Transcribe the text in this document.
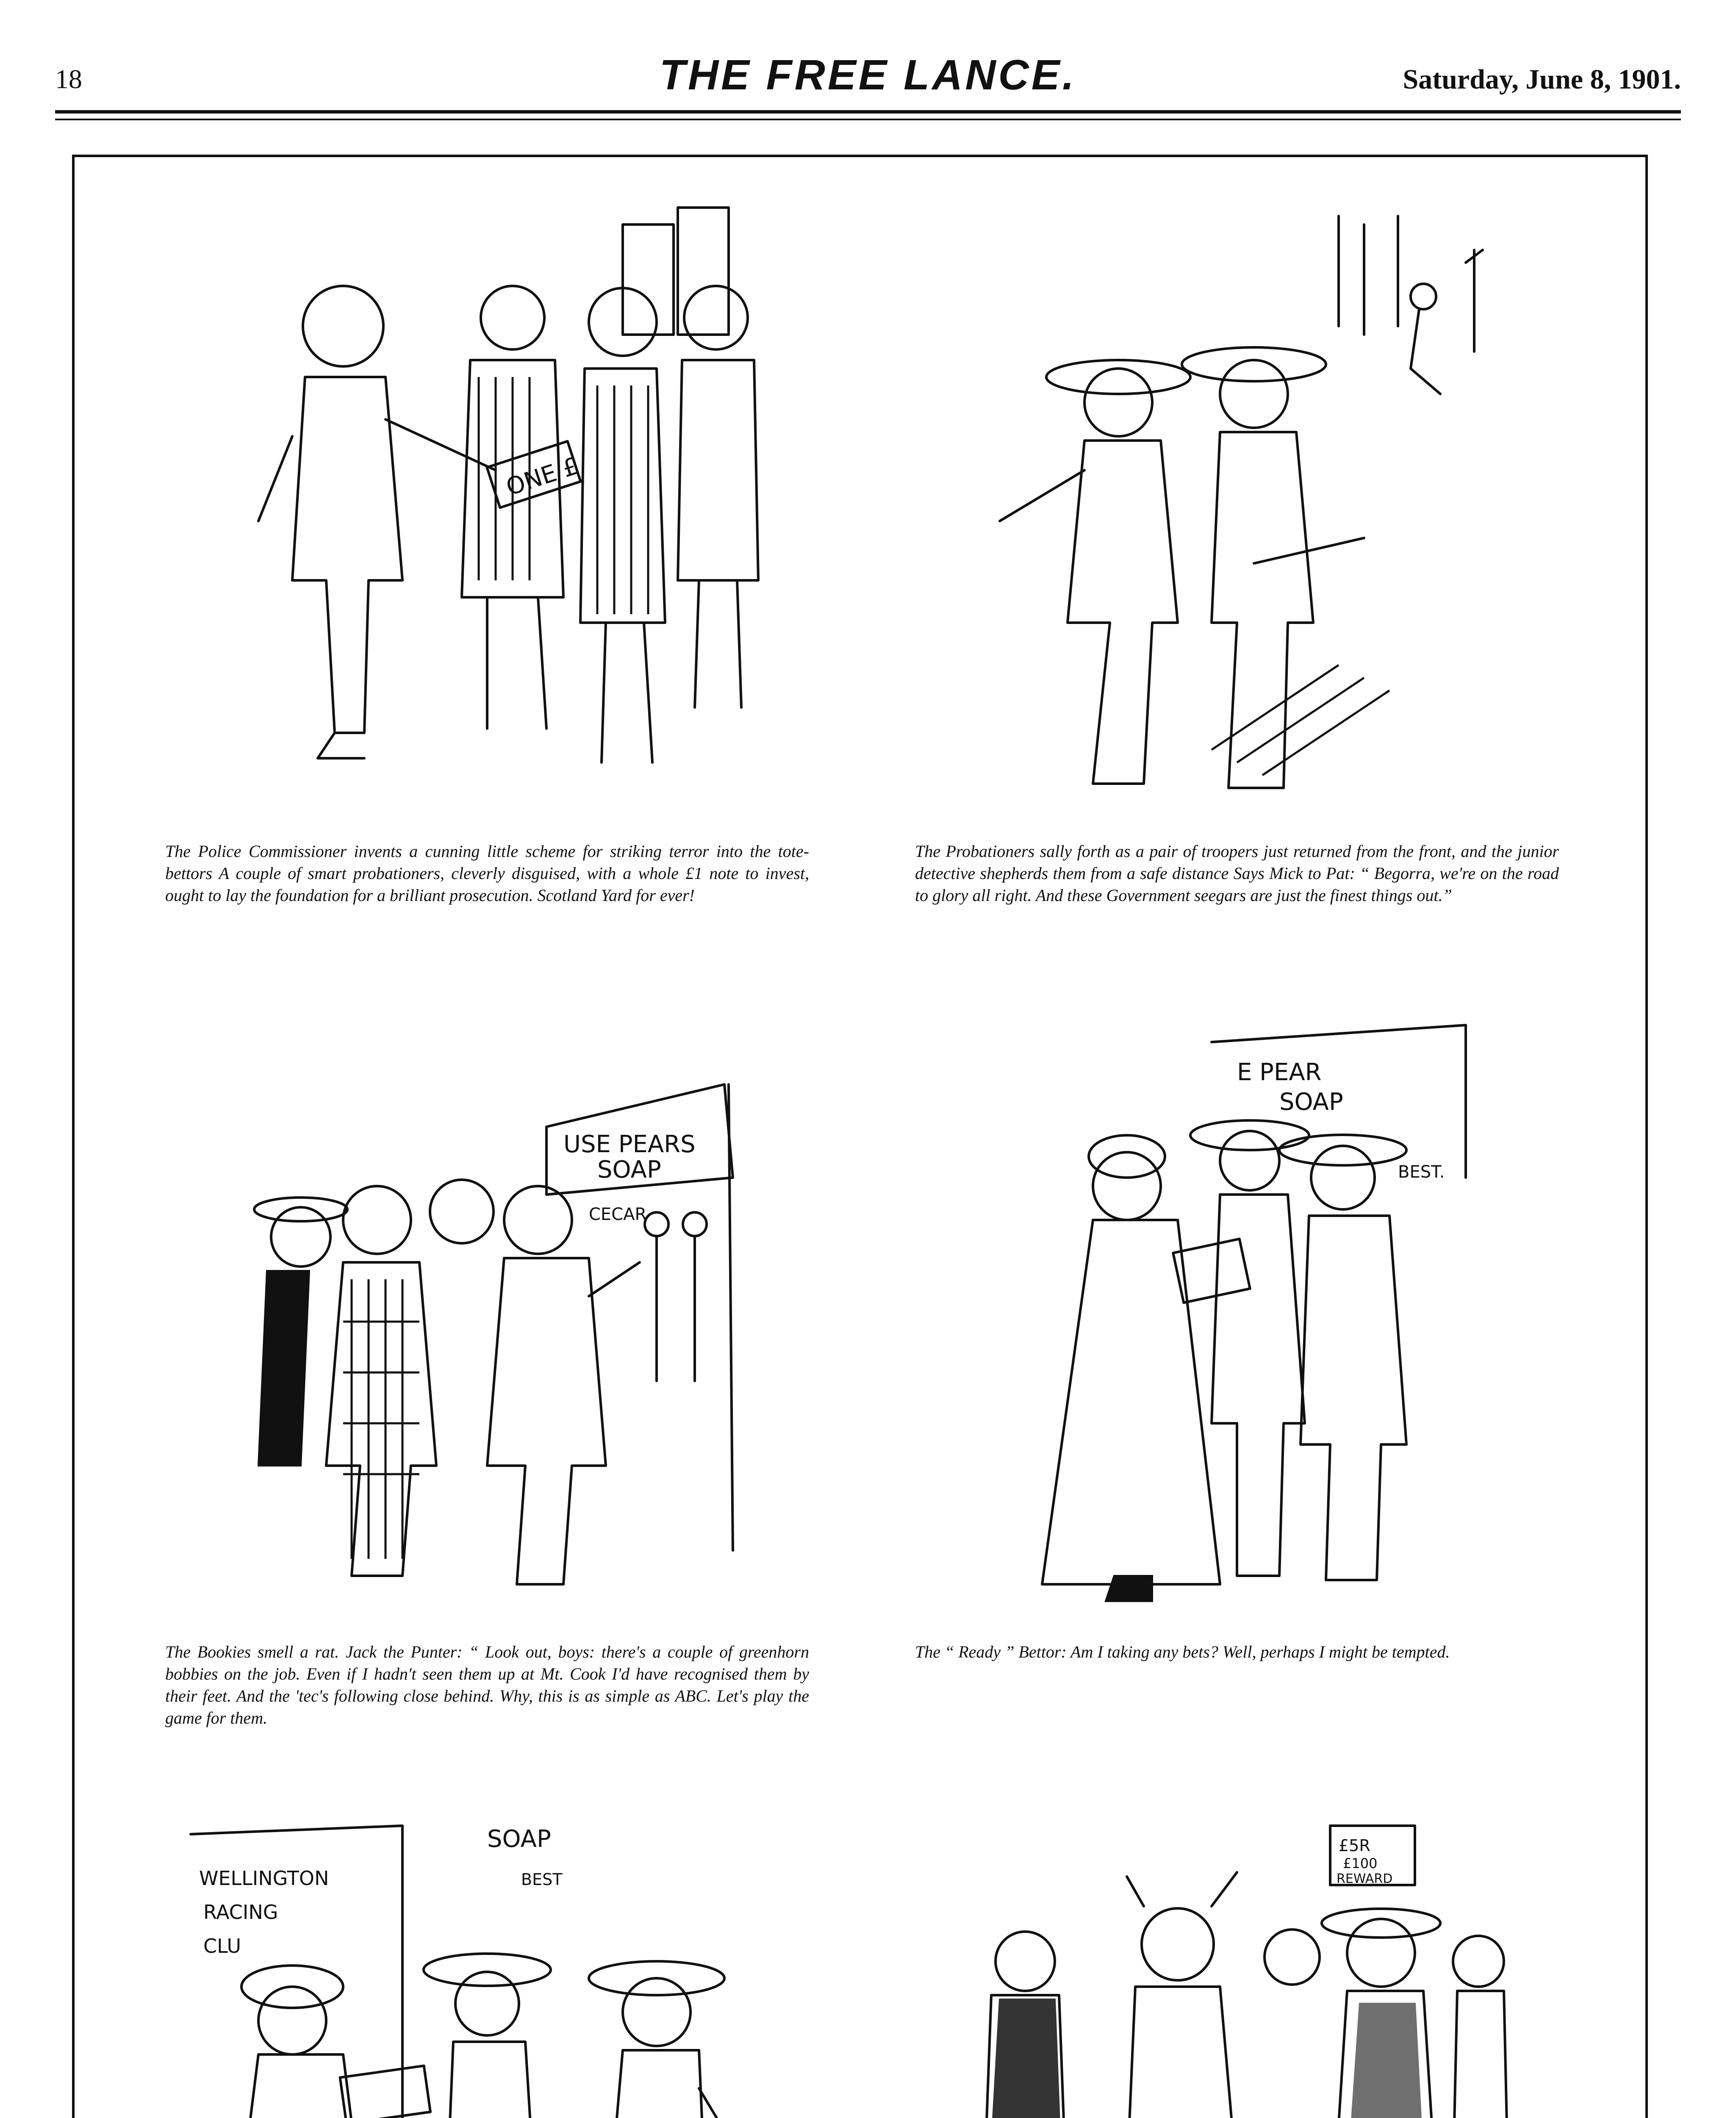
18	THE FREE LANCE.	Saturday, June 8, 1901.
ONE £
The Police Commissioner invents a cunning little scheme for striking terror into the tote-bettors A couple of smart probationers, cleverly disguised, with a whole £1 note to invest, ought to lay the foundation for a brilliant prosecution. Scotland Yard for ever!
The Probationers sally forth as a pair of troopers just returned from the front, and the junior detective shepherds them from a safe distance Says Mick to Pat: “ Begorra, we're on the road to glory all right. And these Government seegars are just the finest things out.”
USE PEARS
SOAP
CECAR
The Bookies smell a rat. Jack the Punter: “ Look out, boys: there's a couple of greenhorn bobbies on the job. Even if I hadn't seen them up at Mt. Cook I'd have recognised them by their feet. And the 'tec's following close behind. Why, this is as simple as ABC. Let's play the game for them.
E PEAR
SOAP
BEST.
The “ Ready ” Bettor: Am I taking any bets? Well, perhaps I might be tempted.
WELLINGTON
RACING
CLU
SOAP
BEST
£5R
£100
REWARD
